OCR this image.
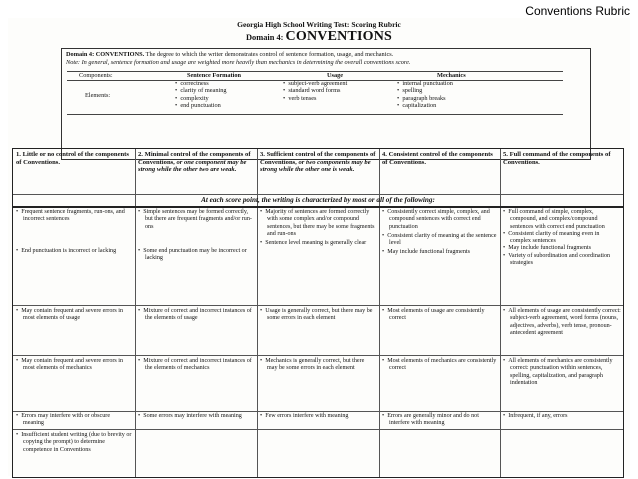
Conventions Rubric
Georgia High School Writing Test: Scoring Rubric
Domain 4: CONVENTIONS
Domain 4: CONVENTIONS. The degree to which the writer demonstrates control of sentence formation, usage, and mechanics.
Note: In general, sentence formation and usage are weighted more heavily than mechanics in determining the overall conventions score.
Components:
Elements:
Sentence Formation
•  correctness
•  clarity of meaning
•  complexity
•  end punctuation
Usage
•  subject-verb agreement
•  standard word forms
•  verb tenses
Mechanics
•  internal punctuation
•  spelling
•  paragraph breaks
•  capitalization
1. Little or no control of the components of Conventions.
2. Minimal control of the components of Conventions, or one component may be strong while the other two are weak.
3. Sufficient control of the components of Conventions, or two components may be strong while the other one is weak.
4. Consistent control of the components of Conventions.
5. Full command of the components of Conventions.
At each score point, the writing is characterized by most or all of the following:
•  Frequent sentence fragments, run-ons, and incorrect sentences
•  End punctuation is incorrect or lacking
•  Simple sentences may be formed correctly, but there are frequent fragments and/or run-ons
•  Some end punctuation may be incorrect or lacking
•  Majority of sentences are formed correctly with some complex and/or compound sentences, but there may be some fragments and run-ons
•  Sentence level meaning is generally clear
•  Consistently correct simple, complex, and compound sentences with correct end punctuation
•  Consistent clarity of meaning at the sentence level
•  May include functional fragments
•  Full command of simple, complex, compound, and complex/compound sentences with correct end punctuation
•  Consistent clarity of meaning even in complex sentences
•  May include functional fragments
•  Variety of subordination and coordination strategies
•  May contain frequent and severe errors in most elements of usage
•  Mixture of correct and incorrect instances of the elements of usage
•  Usage is generally correct, but there may be some errors in each element
•  Most elements of usage are consistently correct
•  All elements of usage are consistently correct: subject-verb agreement, word forms (nouns, adjectives, adverbs), verb tense, pronoun-antecedent agreement
•  May contain frequent and severe errors in most elements of mechanics
•  Mixture of correct and incorrect instances of the elements of mechanics
•  Mechanics is generally correct, but there may be some errors in each element
•  Most elements of mechanics are consistently correct
•  All elements of mechanics are consistently correct: punctuation within sentences, spelling, capitalization, and paragraph indentation
•  Errors may interfere with or obscure meaning
•  Some errors may interfere with meaning	•  Few errors interfere with meaning	•  Errors are generally minor and do not interfere with meaning
•  Infrequent, if any, errors
•  Insufficient student writing (due to brevity or copying the prompt) to determine competence in Conventions
